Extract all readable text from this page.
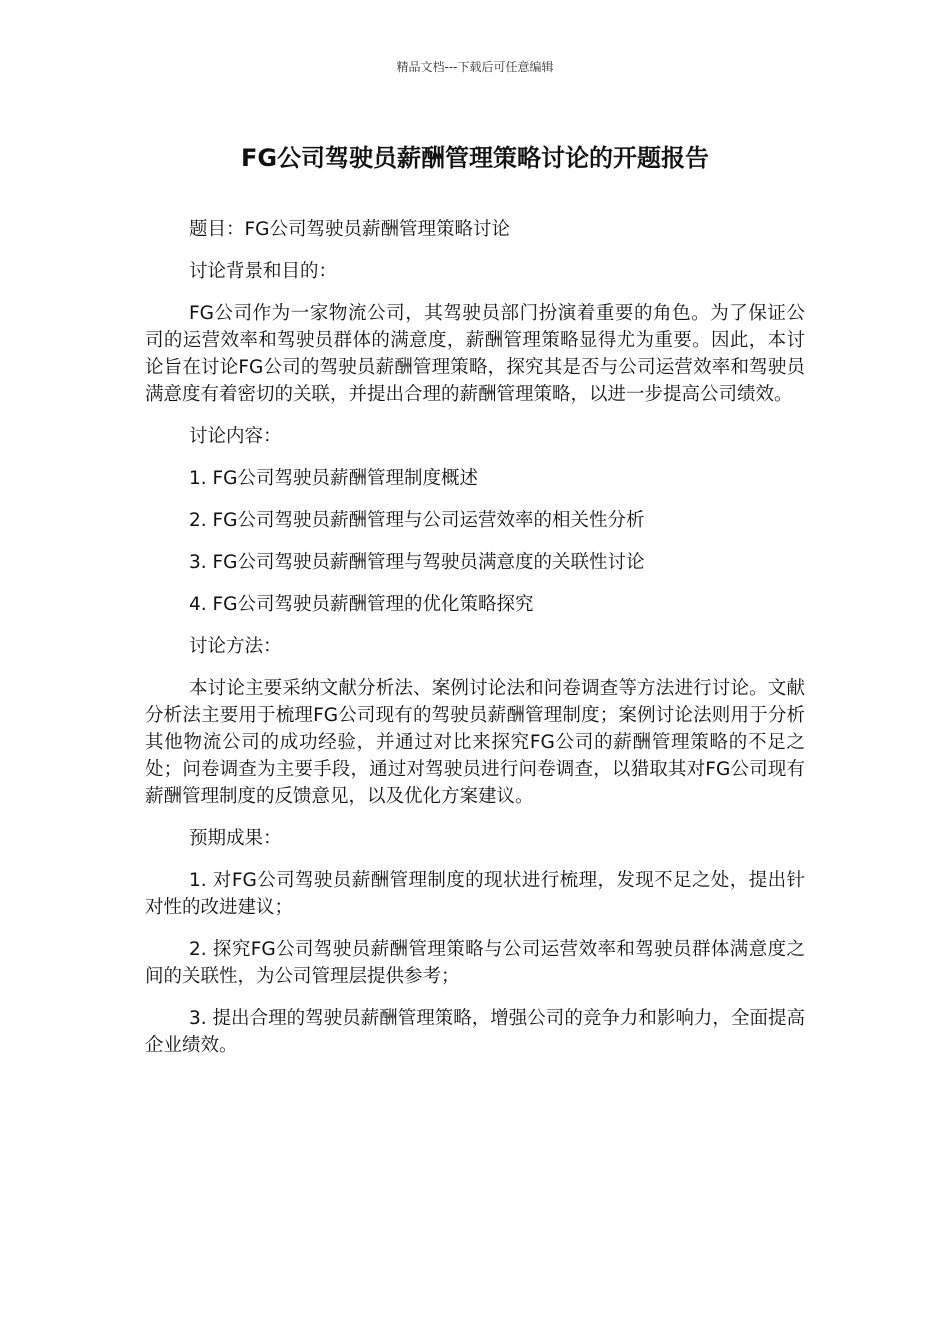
精品文档---下载后可任意编辑
FG公司驾驶员薪酬管理策略讨论的开题报告

题目：FG公司驾驶员薪酬管理策略讨论

讨论背景和目的：

FG公司作为一家物流公司，其驾驶员部门扮演着重要的角色。为了保证公司的运营效率和驾驶员群体的满意度，薪酬管理策略显得尤为重要。因此，本讨论旨在讨论FG公司的驾驶员薪酬管理策略，探究其是否与公司运营效率和驾驶员满意度有着密切的关联，并提出合理的薪酬管理策略，以进一步提高公司绩效。

讨论内容：

1. FG公司驾驶员薪酬管理制度概述

2. FG公司驾驶员薪酬管理与公司运营效率的相关性分析

3. FG公司驾驶员薪酬管理与驾驶员满意度的关联性讨论

4. FG公司驾驶员薪酬管理的优化策略探究

讨论方法：

本讨论主要采纳文献分析法、案例讨论法和问卷调查等方法进行讨论。文献分析法主要用于梳理FG公司现有的驾驶员薪酬管理制度；案例讨论法则用于分析其他物流公司的成功经验，并通过对比来探究FG公司的薪酬管理策略的不足之处；问卷调查为主要手段，通过对驾驶员进行问卷调查，以猎取其对FG公司现有薪酬管理制度的反馈意见，以及优化方案建议。

预期成果：

1. 对FG公司驾驶员薪酬管理制度的现状进行梳理，发现不足之处，提出针对性的改进建议；

2. 探究FG公司驾驶员薪酬管理策略与公司运营效率和驾驶员群体满意度之间的关联性，为公司管理层提供参考；

3. 提出合理的驾驶员薪酬管理策略，增强公司的竞争力和影响力，全面提高企业绩效。
